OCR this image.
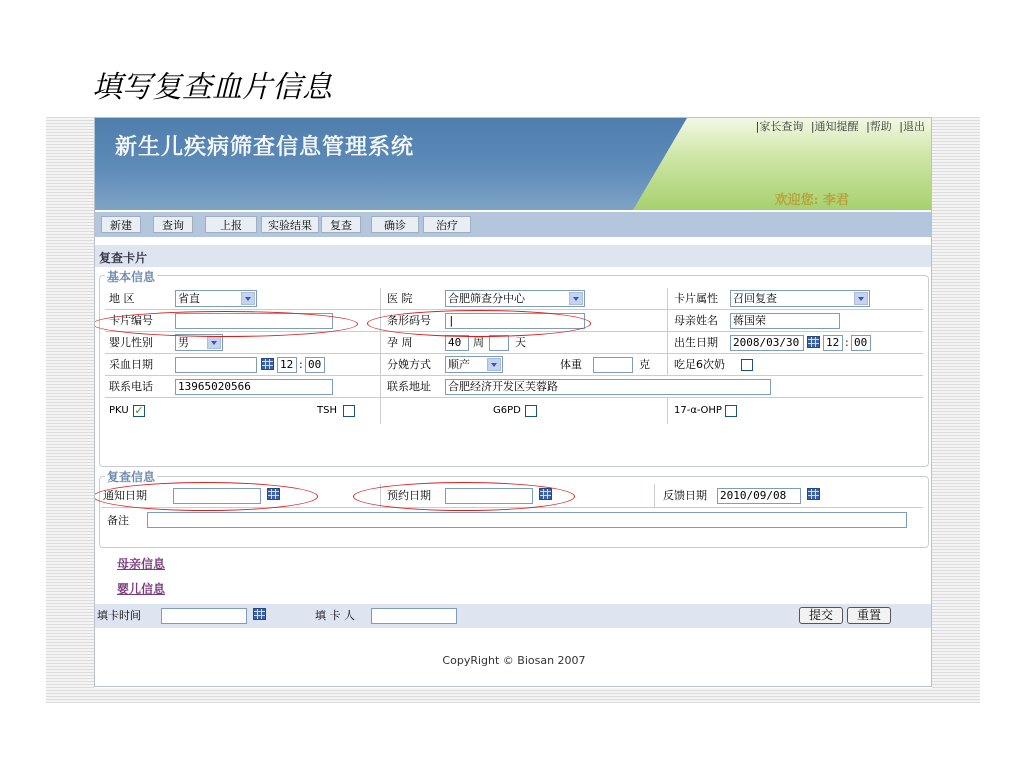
填写复查血片信息
新生儿疾病筛查信息管理系统
|家长查询 |通知提醒 |帮助 |退出
欢迎您: 李君
新建	查询	上报	实验结果	复查	确诊	治疗
复查卡片
基本信息
地 区	省直	医 院	合肥筛查分中心	卡片属性 召回复查
卡片编号	条形码号 |	母亲姓名 蒋国荣
婴儿性别 男	孕 周	40	周	天	出生日期 2008/03/30	12 : 00
采血日期	12 : 00	分娩方式 顺产	体重	克 吃足6次奶
联系电话 13965020566	联系地址 合肥经济开发区芙蓉路
PKU ✓	TSH	G6PD	17-α-OHP
复查信息
通知日期	预约日期	反馈日期 2010/09/08
备注
母亲信息
婴儿信息
填卡时间	填 卡 人	提交	重置
CopyRight © Biosan 2007
